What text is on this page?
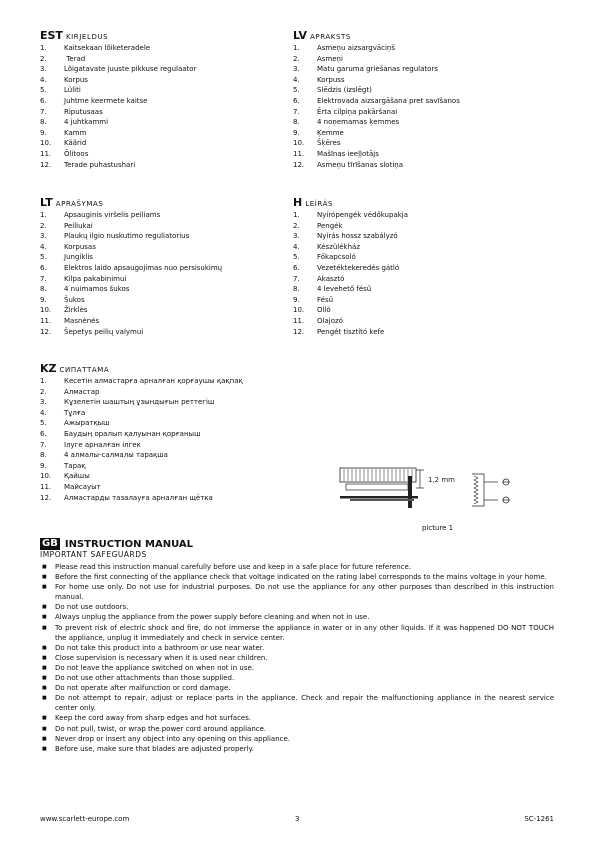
EST KIRJELDUS
1. Kaitsekaan lõiketeradele
2. Terad
3. Lõigatavate juuste pikkuse regulaator
4. Korpus
5. Lüliti
6. Juhtme keermete kaitse
7. Riputusaas
8. 4 juhtkammi
9. Kamm
10. Käärid
11. Õlitoos
12. Terade puhastushari
LV APRAKSTS
1. Asmeņu aizsargvāciņš
2. Asmeņi
3. Matu garuma griešanas regulators
4. Korpuss
5. Slēdzis (izslēgt)
6. Elektrovada aizsargāšana pret savīšanos
7. Ērta cilpiņa pakāršanai
8. 4 noņemamas ķemmes
9. Ķemme
10. Šķēres
11. Mašīnas ieeļļotājs
12. Asmeņu tīrīšanas slotiņa
LT APRAŠYMAS
1. Apsauginis viršelis peiliams
2. Peiliukai
3. Plaukų ilgio nuskutimo reguliatorius
4. Korpusas
5. Jungiklis
6. Elektros laido apsaugojimas nuo persisukimų
7. Kilpa pakabinimui
8. 4 nuimamos šukos
9. Šukos
10. Žirklės
11. Masnėnės
12. Šepetys peilių valymui
HLEÍRÁS
1. Nyírópengék védőkupakja
2. Pengék
3. Nyírás hossz szabályzó
4. Készülékház
5. Főkapcsoló
6. Vezetéktekeredés gátló
7. Akasztó
8. 4 levehető fésű
9. Fésű
10. Olló
11. Olajozó
12. Pengét tisztító kefe
KZ СИПАТТАМА
1. Кесетін алмастарға арналған қорғаушы қақпақ
2. Алмастар
3. Кұзелетін шаштың ұзындығын реттегіш
4. Тұлға
5. Ажыратқыш
6. Баудың оралып қалуынан қорғаныш
7. Ілуге арналған ілгек
8. 4 алмалы-салмалы тарақша
9. Тарақ
10. Қайшы
11. Майсауыт
12. Алмастарды тазалауға арналған щётка
1,2 mm
picture 1
GB INSTRUCTION MANUAL
IMPORTANT SAFEGUARDS
■ Please read this instruction manual carefully before use and keep in a safe place for future reference.
■ Before the first connecting of the appliance check that voltage indicated on the rating label corresponds to the mains voltage in your home.
■ For home use only. Do not use for industrial purposes. Do not use the appliance for any other purposes than described in this instruction manual.
■ Do not use outdoors.
■ Always unplug the appliance from the power supply before cleaning and when not in use.
■ To prevent risk of electric shock and fire, do not immerse the appliance in water or in any other liquids. If it was happened DO NOT TOUCH the appliance, unplug it immediately and check in service center.
■ Do not take this product into a bathroom or use near water.
■ Close supervision is necessary when it is used near children.
■ Do not leave the appliance switched on when not in use.
■ Do not use other attachments than those supplied.
■ Do not operate after malfunction or cord damage.
■ Do not attempt to repair, adjust or replace parts in the appliance. Check and repair the malfunctioning appliance in the nearest service center only.
■ Keep the cord away from sharp edges and hot surfaces.
■ Do not pull, twist, or wrap the power cord around appliance.
■ Never drop or insert any object into any opening on this appliance.
■ Before use, make sure that blades are adjusted properly.
www.scarlett-europe.com	3	SC-1261
